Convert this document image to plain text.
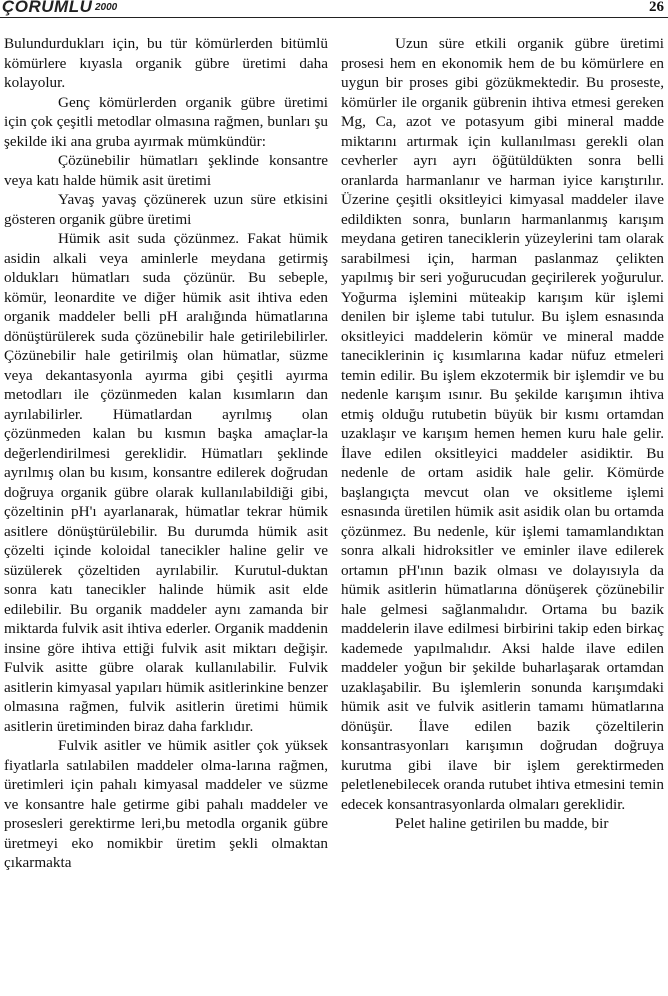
ÇORUMLU 2000	26

Bulundurdukları için, bu tür kömürlerden bitümlü kömürlere kıyasla organik gübre üretimi daha kolayolur.

Genç kömürlerden organik gübre üretimi için çok çeşitli metodlar olmasına rağmen, bunları şu şekilde iki ana gruba ayırmak mümkündür:

Çözünebilir hümatları şeklinde konsantre veya katı halde hümik asit üretimi

Yavaş yavaş çözünerek uzun süre etkisini gösteren organik gübre üretimi

Hümik asit suda çözünmez. Fakat hümik asidin alkali veya aminlerle meydana getirmiş oldukları hümatları suda çözünür. Bu sebeple, kömür, leonardite ve diğer hümik asit ihtiva eden organik maddeler belli pH aralığında hümatlarına dönüştürülerek suda çözünebilir hale getirilebilirler. Çözünebilir hale getirilmiş olan hümatlar, süzme veya dekantasyonla ayırma gibi çeşitli ayırma metodları ile çözünmeden kalan kısımların dan ayrılabilirler. Hümatlardan ayrılmış olan çözünmeden kalan bu kısmın başka amaçlar-la değerlendirilmesi gereklidir. Hümatları şeklinde ayrılmış olan bu kısım, konsantre edilerek doğrudan doğruya organik gübre olarak kullanılabildiği gibi, çözeltinin pH'ı ayarlanarak, hümatlar tekrar hümik asitlere dönüştürülebilir. Bu durumda hümik asit çözelti içinde koloidal tanecikler haline gelir ve süzülerek çözeltiden ayrılabilir. Kurutul-duktan sonra katı tanecikler halinde hümik asit elde edilebilir. Bu organik maddeler aynı zamanda bir miktarda fulvik asit ihtiva ederler. Organik maddenin insine göre ihtiva ettiği fulvik asit miktarı değişir. Fulvik asitte gübre olarak kullanılabilir. Fulvik asitlerin kimyasal yapıları hümik asitlerinkine benzer olmasına rağmen, fulvik asitlerin üretimi hümik asitlerin üretiminden biraz daha farklıdır.

Fulvik asitler ve hümik asitler çok yüksek fiyatlarla satılabilen maddeler olma-larına rağmen, üretimleri için pahalı kimyasal maddeler ve süzme ve konsantre hale getirme gibi pahalı maddeler ve prosesleri gerektirme leri,bu metodla organik gübre üretmeyi eko nomikbir üretim şekli olmaktan çıkarmakta

Uzun süre etkili organik gübre üretimi prosesi hem en ekonomik hem de bu kömürlere en uygun bir proses gibi gözükmektedir. Bu proseste, kömürler ile organik gübrenin ihtiva etmesi gereken Mg, Ca, azot ve potasyum gibi mineral madde miktarını artırmak için kullanılması gerekli olan cevherler ayrı ayrı öğütüldükten sonra belli oranlarda harmanlanır ve harman iyice karıştırılır. Üzerine çeşitli oksitleyici kimyasal maddeler ilave edildikten sonra, bunların harmanlanmış karışım meydana getiren taneciklerin yüzeylerini tam olarak sarabilmesi için, harman paslanmaz çelikten yapılmış bir seri yoğurucudan geçirilerek yoğurulur. Yoğurma işlemini müteakip karışım kür işlemi denilen bir işleme tabi tutulur. Bu işlem esnasında oksitleyici maddelerin kömür ve mineral madde taneciklerinin iç kısımlarına kadar nüfuz etmeleri temin edilir. Bu işlem ekzotermik bir işlemdir ve bu nedenle karışım ısınır. Bu şekilde karışımın ihtiva etmiş olduğu rutubetin büyük bir kısmı ortamdan uzaklaşır ve karışım hemen hemen kuru hale gelir. İlave edilen oksitleyici maddeler asidiktir. Bu nedenle de ortam asidik hale gelir. Kömürde başlangıçta mevcut olan ve oksitleme işlemi esnasında üretilen hümik asit asidik olan bu ortamda çözünmez. Bu nedenle, kür işlemi tamamlandıktan sonra alkali hidroksitler ve eminler ilave edilerek ortamın pH'ının bazik olması ve dolayısıyla da hümik asitlerin hümatlarına dönüşerek çözünebilir hale gelmesi sağlanmalıdır. Ortama bu bazik maddelerin ilave edilmesi birbirini takip eden birkaç kademede yapılmalıdır. Aksi halde ilave edilen maddeler yoğun bir şekilde buharlaşarak ortamdan uzaklaşabilir. Bu işlemlerin sonunda karışımdaki hümik asit ve fulvik asitlerin tamamı hümatlarına dönüşür. İlave edilen bazik çözeltilerin konsantrasyonları karışımın doğrudan doğruya kurutma gibi ilave bir işlem gerektirmeden peletlenebilecek oranda rutubet ihtiva etmesini temin edecek konsantrasyonlarda olmaları gereklidir.

Pelet haline getirilen bu madde, bir
